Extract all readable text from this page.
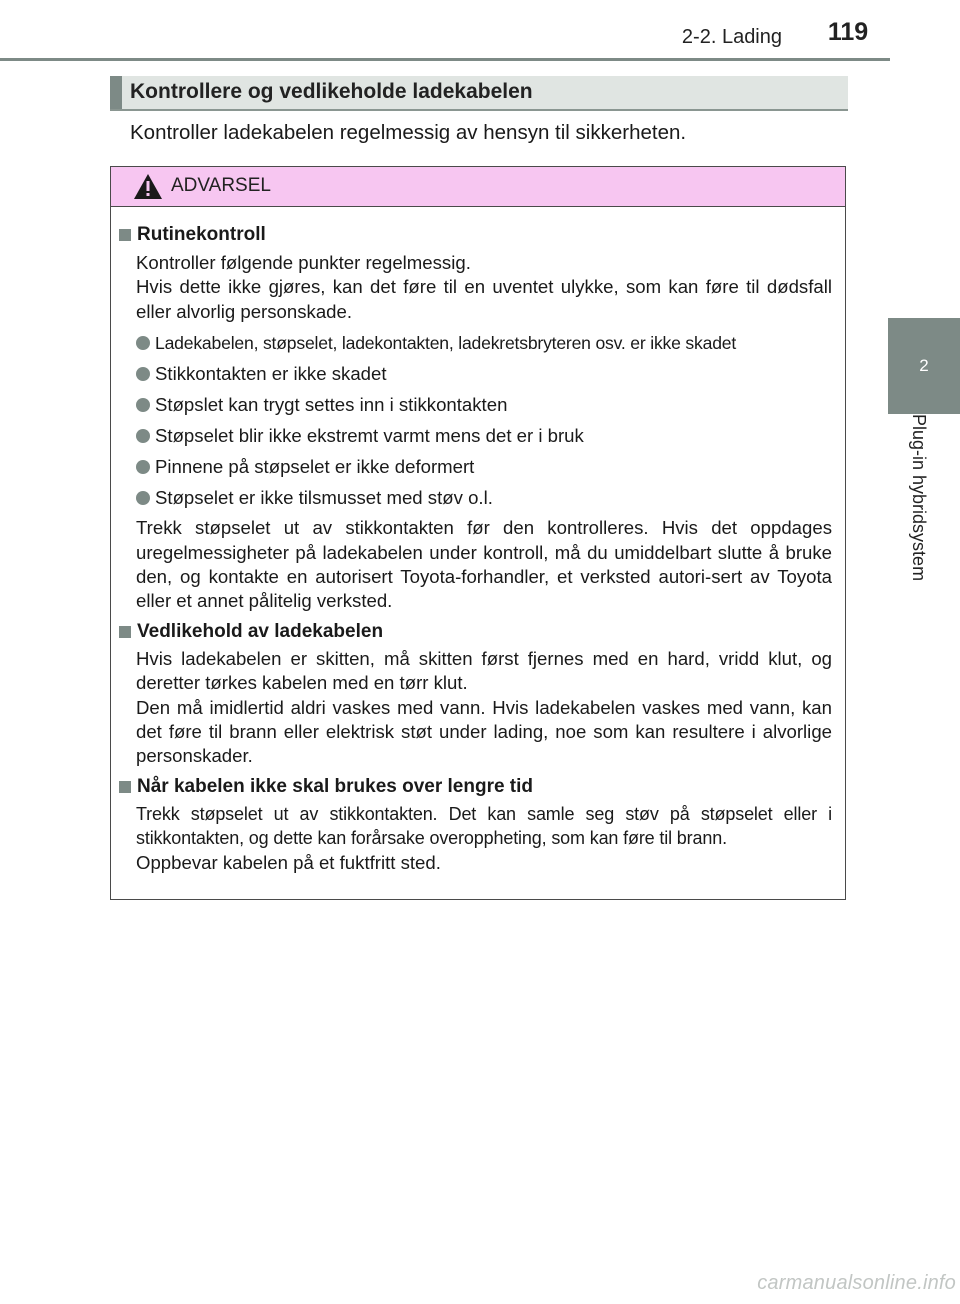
2-2. Lading	119
2
Plug-in hybridsystem
Kontrollere og vedlikeholde ladekabelen
Kontroller ladekabelen regelmessig av hensyn til sikkerheten.
ADVARSEL
Rutinekontroll
Kontroller følgende punkter regelmessig.
Hvis dette ikke gjøres, kan det føre til en uventet ulykke, som kan føre til dødsfall eller alvorlig personskade.
Ladekabelen, støpselet, ladekontakten, ladekretsbryteren osv. er ikke skadet
Stikkontakten er ikke skadet
Støpslet kan trygt settes inn i stikkontakten
Støpselet blir ikke ekstremt varmt mens det er i bruk
Pinnene på støpselet er ikke deformert
Støpselet er ikke tilsmusset med støv o.l.
Trekk støpselet ut av stikkontakten før den kontrolleres. Hvis det oppdages uregelmessigheter på ladekabelen under kontroll, må du umiddelbart slutte å bruke den, og kontakte en autorisert Toyota-forhandler, et verksted autori-sert av Toyota eller et annet pålitelig verksted.
Vedlikehold av ladekabelen
Hvis ladekabelen er skitten, må skitten først fjernes med en hard, vridd klut, og deretter tørkes kabelen med en tørr klut.
Den må imidlertid aldri vaskes med vann. Hvis ladekabelen vaskes med vann, kan det føre til brann eller elektrisk støt under lading, noe som kan resultere i alvorlige personskader.
Når kabelen ikke skal brukes over lengre tid
Trekk støpselet ut av stikkontakten. Det kan samle seg støv på støpselet eller i stikkontakten, og dette kan forårsake overoppheting, som kan føre til brann.
Oppbevar kabelen på et fuktfritt sted.
carmanualsonline.info
